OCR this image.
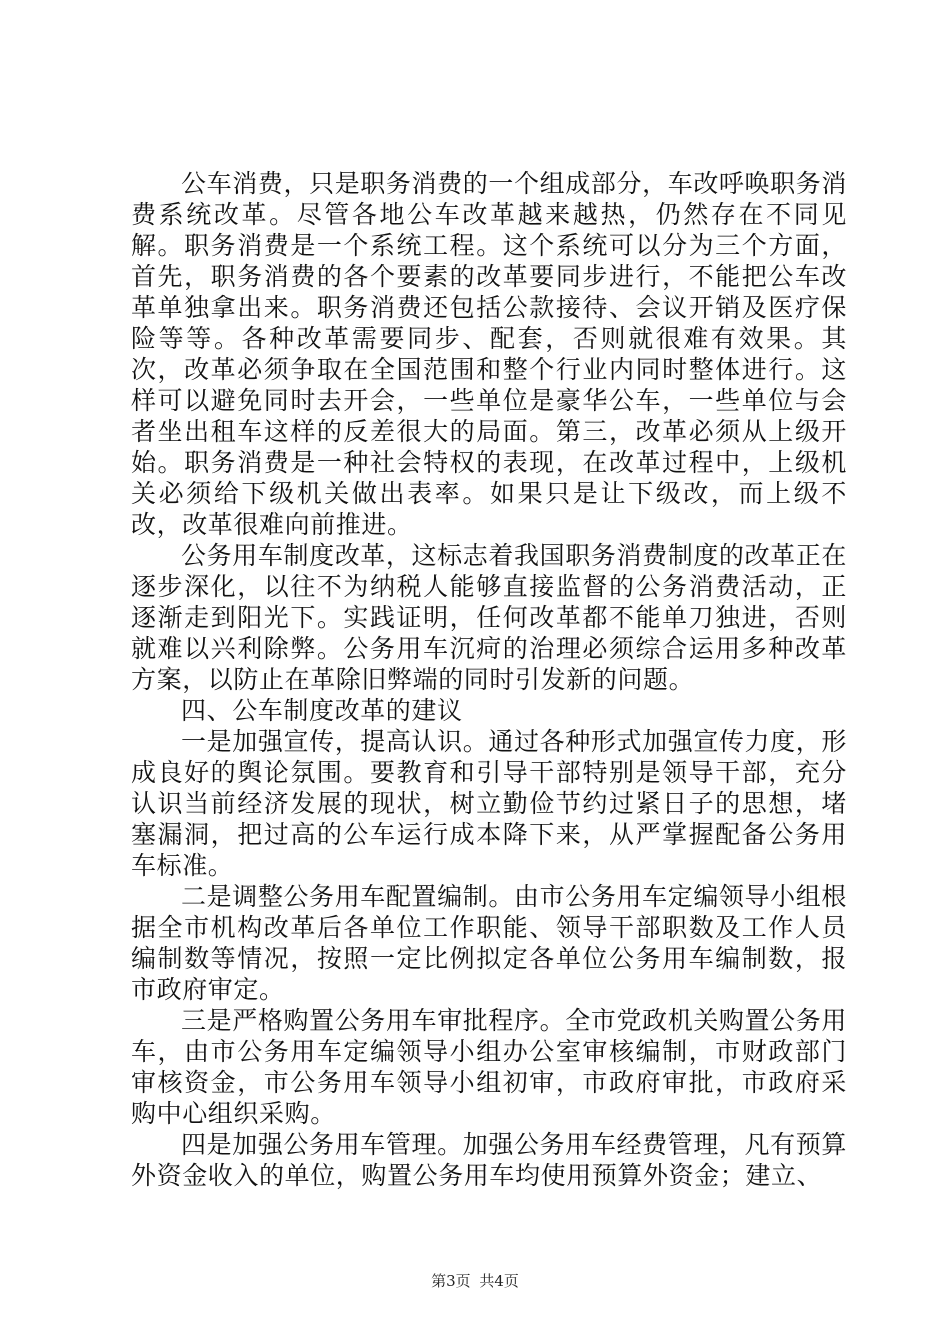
公车消费，只是职务消费的一个组成部分，车改呼唤职务消费系统改革。尽管各地公车改革越来越热，仍然存在不同见解。职务消费是一个系统工程。这个系统可以分为三个方面，首先，职务消费的各个要素的改革要同步进行，不能把公车改革单独拿出来。职务消费还包括公款接待、会议开销及医疗保险等等。各种改革需要同步、配套，否则就很难有效果。其次，改革必须争取在全国范围和整个行业内同时整体进行。这样可以避免同时去开会，一些单位是豪华公车，一些单位与会者坐出租车这样的反差很大的局面。第三，改革必须从上级开始。职务消费是一种社会特权的表现，在改革过程中，上级机关必须给下级机关做出表率。如果只是让下级改，而上级不改，改革很难向前推进。

公务用车制度改革，这标志着我国职务消费制度的改革正在逐步深化，以往不为纳税人能够直接监督的公务消费活动，正逐渐走到阳光下。实践证明，任何改革都不能单刀独进，否则就难以兴利除弊。公务用车沉疴的治理必须综合运用多种改革方案，以防止在革除旧弊端的同时引发新的问题。

四、公车制度改革的建议

一是加强宣传，提高认识。通过各种形式加强宣传力度，形成良好的舆论氛围。要教育和引导干部特别是领导干部，充分认识当前经济发展的现状，树立勤俭节约过紧日子的思想，堵塞漏洞，把过高的公车运行成本降下来，从严掌握配备公务用车标准。

二是调整公务用车配置编制。由市公务用车定编领导小组根据全市机构改革后各单位工作职能、领导干部职数及工作人员编制数等情况，按照一定比例拟定各单位公务用车编制数，报市政府审定。

三是严格购置公务用车审批程序。全市党政机关购置公务用车，由市公务用车定编领导小组办公室审核编制，市财政部门审核资金，市公务用车领导小组初审，市政府审批，市政府采购中心组织采购。

四是加强公务用车管理。加强公务用车经费管理，凡有预算外资金收入的单位，购置公务用车均使用预算外资金；建立、

第3页 共4页
